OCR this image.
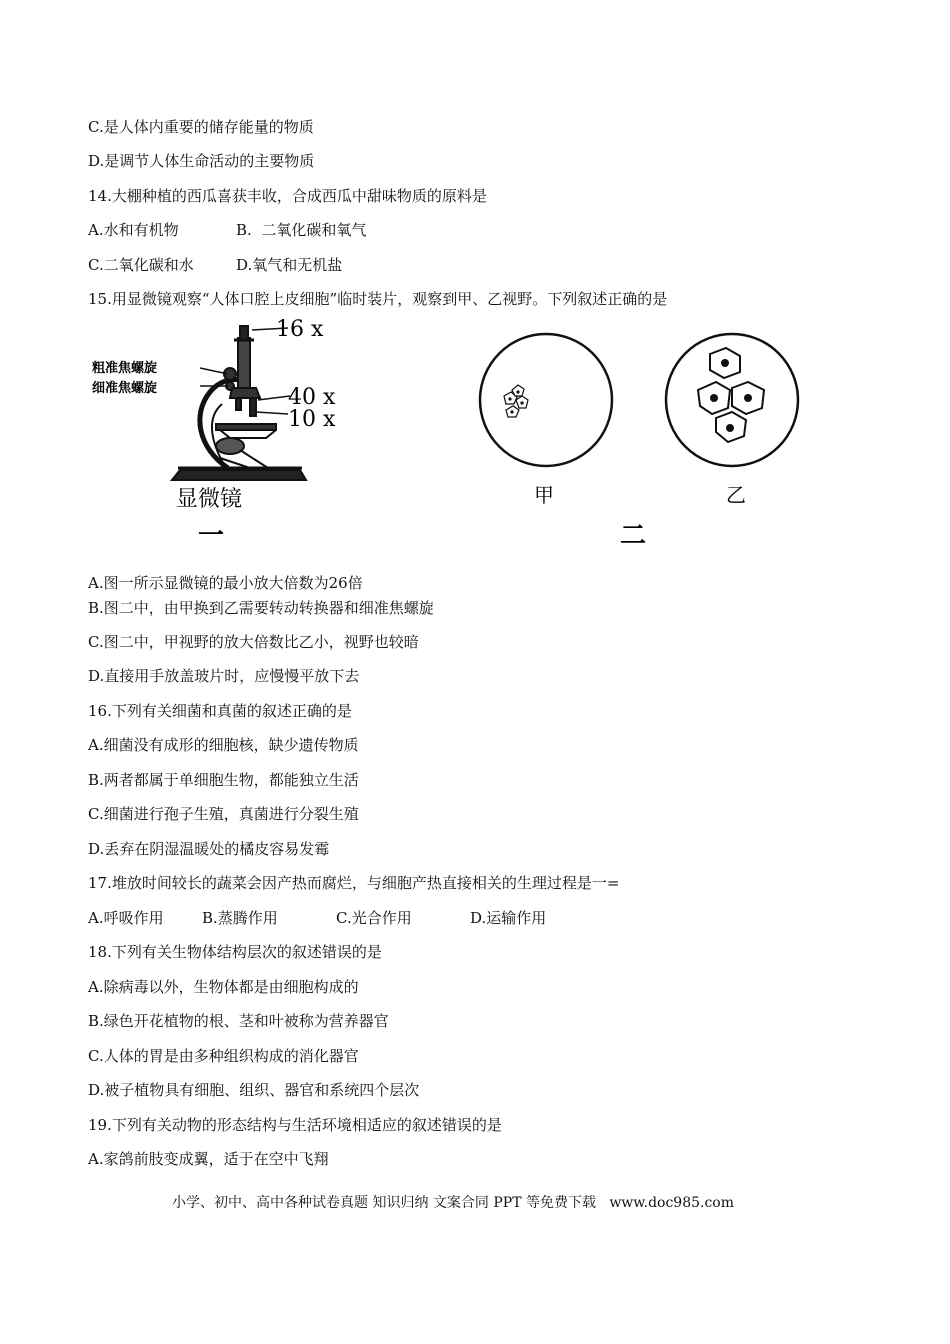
C.是人体内重要的储存能量的物质
D.是调节人体生命活动的主要物质
14.大棚种植的西瓜喜获丰收，合成西瓜中甜味物质的原料是

A.水和有机物

	B.  二氧化碳和氧气

C.二氧化碳和水

	D.氧气和无机盐

15.用显微镜观察“人体口腔上皮细胞”临时装片，观察到甲、乙视野。下列叙述正确的是
16 x
40 x
10 x
粗准焦螺旋
细准焦螺旋
显微镜
一
甲	乙
二
A.图一所示显微镜的最小放大倍数为26倍
B.图二中，由甲换到乙需要转动转换器和细准焦螺旋
C.图二中，甲视野的放大倍数比乙小，视野也较暗
D.直接用手放盖玻片时，应慢慢平放下去
16.下列有关细菌和真菌的叙述正确的是
A.细菌没有成形的细胞核，缺少遗传物质
B.两者都属于单细胞生物，都能独立生活
C.细菌进行孢子生殖，真菌进行分裂生殖
D.丢弃在阴湿温暖处的橘皮容易发霉
17.堆放时间较长的蔬菜会因产热而腐烂，与细胞产热直接相关的生理过程是一=

A.呼吸作用

	B.蒸腾作用

	C.光合作用

	D.运输作用

18.下列有关生物体结构层次的叙述错误的是
A.除病毒以外，生物体都是由细胞构成的
B.绿色开花植物的根、茎和叶被称为营养器官
C.人体的胃是由多种组织构成的消化器官
D.被子植物具有细胞、组织、器官和系统四个层次
19.下列有关动物的形态结构与生活环境相适应的叙述错误的是
A.家鸽前肢变成翼，适于在空中飞翔
小学、初中、高中各种试卷真题 知识归纳 文案合同 PPT 等免费下载   www.doc985.com
